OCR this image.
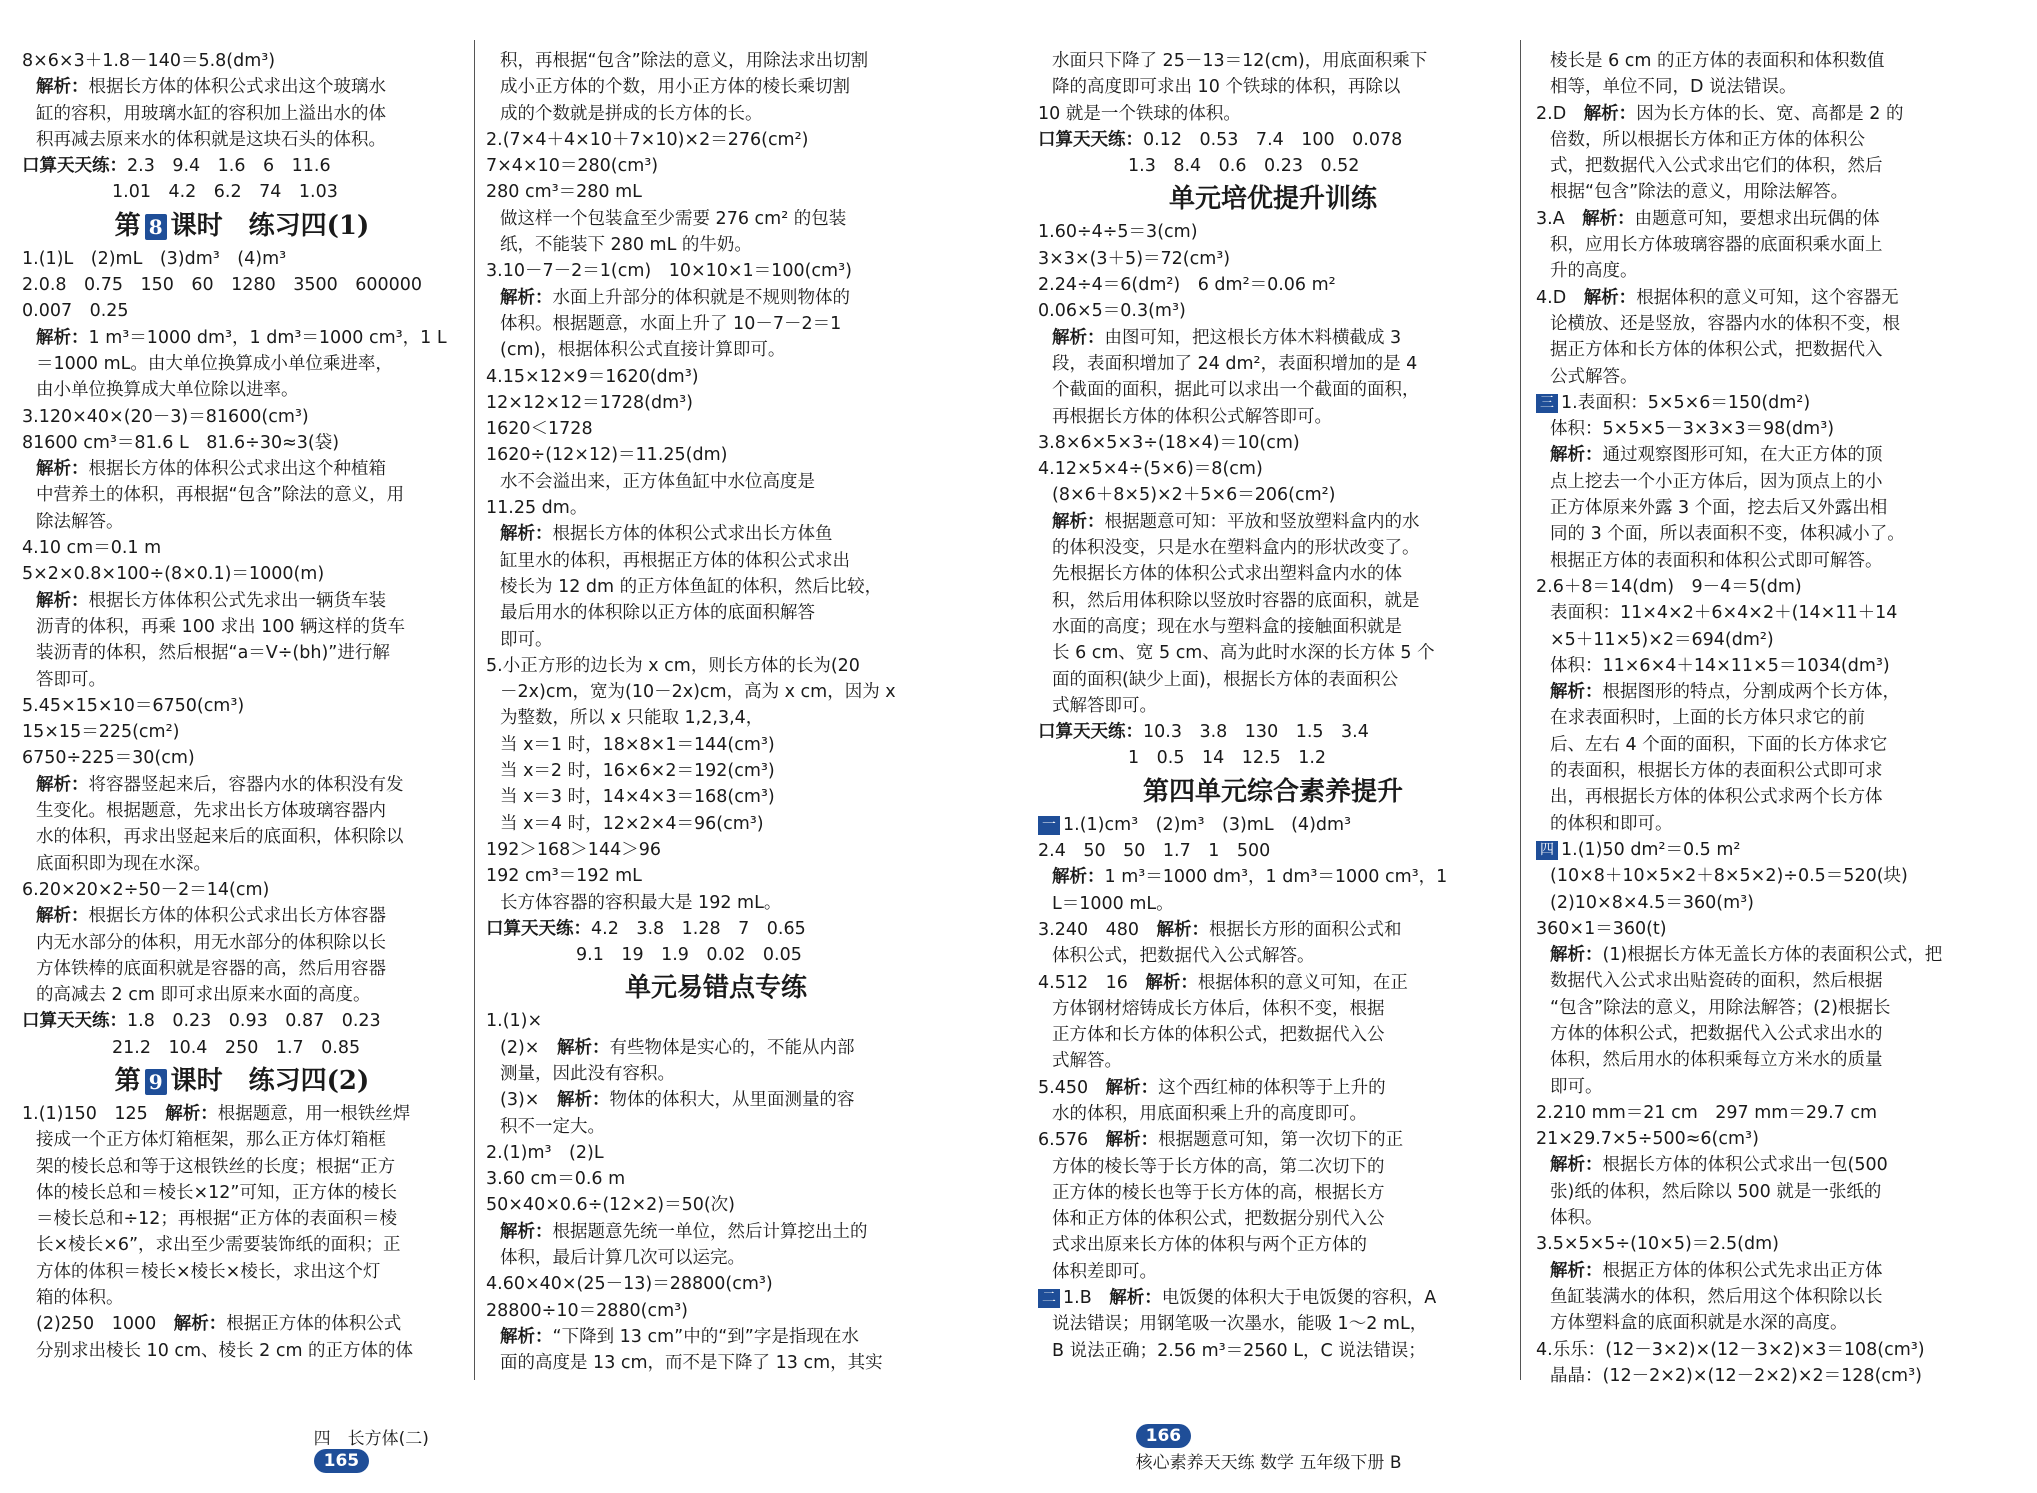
8×6×3＋1.8－140＝5.8(dm³)
解析：根据长方体的体积公式求出这个玻璃水
缸的容积，用玻璃水缸的容积加上溢出水的体
积再减去原来水的体积就是这块石头的体积。
口算天天练：2.3　9.4　1.6　6　11.6
1.01　4.2　6.2　74　1.03
第 8 课时　练习四(1)
1.(1)L　(2)mL　(3)dm³　(4)m³
2.0.8　0.75　150　60　1280　3500　600000
0.007　0.25
解析：1 m³＝1000 dm³，1 dm³＝1000 cm³，1 L
＝1000 mL。由大单位换算成小单位乘进率，
由小单位换算成大单位除以进率。
3.120×40×(20－3)＝81600(cm³)
81600 cm³＝81.6 L　81.6÷30≈3(袋)
解析：根据长方体的体积公式求出这个种植箱
中营养土的体积，再根据“包含”除法的意义，用
除法解答。
4.10 cm＝0.1 m
5×2×0.8×100÷(8×0.1)＝1000(m)
解析：根据长方体体积公式先求出一辆货车装
沥青的体积，再乘 100 求出 100 辆这样的货车
装沥青的体积，然后根据“a＝V÷(bh)”进行解
答即可。
5.45×15×10＝6750(cm³)
15×15＝225(cm²)
6750÷225＝30(cm)
解析：将容器竖起来后，容器内水的体积没有发
生变化。根据题意，先求出长方体玻璃容器内
水的体积，再求出竖起来后的底面积，体积除以
底面积即为现在水深。
6.20×20×2÷50－2＝14(cm)
解析：根据长方体的体积公式求出长方体容器
内无水部分的体积，用无水部分的体积除以长
方体铁棒的底面积就是容器的高，然后用容器
的高减去 2 cm 即可求出原来水面的高度。
口算天天练：1.8　0.23　0.93　0.87　0.23
21.2　10.4　250　1.7　0.85
第 9 课时　练习四(2)
1.(1)150　125　解析：根据题意，用一根铁丝焊
接成一个正方体灯箱框架，那么正方体灯箱框
架的棱长总和等于这根铁丝的长度；根据“正方
体的棱长总和＝棱长×12”可知，正方体的棱长
＝棱长总和÷12；再根据“正方体的表面积＝棱
长×棱长×6”，求出至少需要装饰纸的面积；正
方体的体积＝棱长×棱长×棱长，求出这个灯
箱的体积。
(2)250　1000　解析：根据正方体的体积公式
分别求出棱长 10 cm、棱长 2 cm 的正方体的体
积，再根据“包含”除法的意义，用除法求出切割
成小正方体的个数，用小正方体的棱长乘切割
成的个数就是拼成的长方体的长。
2.(7×4＋4×10＋7×10)×2＝276(cm²)
7×4×10＝280(cm³)
280 cm³＝280 mL
做这样一个包装盒至少需要 276 cm² 的包装
纸，不能装下 280 mL 的牛奶。
3.10－7－2＝1(cm)　10×10×1＝100(cm³)
解析：水面上升部分的体积就是不规则物体的
体积。根据题意，水面上升了 10－7－2＝1
(cm)，根据体积公式直接计算即可。
4.15×12×9＝1620(dm³)
12×12×12＝1728(dm³)
1620＜1728
1620÷(12×12)＝11.25(dm)
水不会溢出来，正方体鱼缸中水位高度是
11.25 dm。
解析：根据长方体的体积公式求出长方体鱼
缸里水的体积，再根据正方体的体积公式求出
棱长为 12 dm 的正方体鱼缸的体积，然后比较，
最后用水的体积除以正方体的底面积解答
即可。
5.小正方形的边长为 x cm，则长方体的长为(20
－2x)cm，宽为(10－2x)cm，高为 x cm，因为 x
为整数，所以 x 只能取 1,2,3,4，
当 x＝1 时，18×8×1＝144(cm³)
当 x＝2 时，16×6×2＝192(cm³)
当 x＝3 时，14×4×3＝168(cm³)
当 x＝4 时，12×2×4＝96(cm³)
192＞168＞144＞96
192 cm³＝192 mL
长方体容器的容积最大是 192 mL。
口算天天练：4.2　3.8　1.28　7　0.65
9.1　19　1.9　0.02　0.05
单元易错点专练
1.(1)×
(2)×　解析：有些物体是实心的，不能从内部
测量，因此没有容积。
(3)×　解析：物体的体积大，从里面测量的容
积不一定大。
2.(1)m³　(2)L
3.60 cm＝0.6 m
50×40×0.6÷(12×2)＝50(次)
解析：根据题意先统一单位，然后计算挖出土的
体积，最后计算几次可以运完。
4.60×40×(25－13)＝28800(cm³)
28800÷10＝2880(cm³)
解析：“下降到 13 cm”中的“到”字是指现在水
面的高度是 13 cm，而不是下降了 13 cm，其实

四　长方体(二)
165

水面只下降了 25－13＝12(cm)，用底面积乘下
降的高度即可求出 10 个铁球的体积，再除以
10 就是一个铁球的体积。
口算天天练：0.12　0.53　7.4　100　0.078
1.3　8.4　0.6　0.23　0.52
单元培优提升训练
1.60÷4÷5＝3(cm)
3×3×(3＋5)＝72(cm³)
2.24÷4＝6(dm²)　6 dm²＝0.06 m²
0.06×5＝0.3(m³)
解析：由图可知，把这根长方体木料横截成 3
段，表面积增加了 24 dm²，表面积增加的是 4
个截面的面积，据此可以求出一个截面的面积，
再根据长方体的体积公式解答即可。
3.8×6×5×3÷(18×4)＝10(cm)
4.12×5×4÷(5×6)＝8(cm)
(8×6＋8×5)×2＋5×6＝206(cm²)
解析：根据题意可知：平放和竖放塑料盒内的水
的体积没变，只是水在塑料盒内的形状改变了。
先根据长方体的体积公式求出塑料盒内水的体
积，然后用体积除以竖放时容器的底面积，就是
水面的高度；现在水与塑料盒的接触面积就是
长 6 cm、宽 5 cm、高为此时水深的长方体 5 个
面的面积(缺少上面)，根据长方体的表面积公
式解答即可。
口算天天练：10.3　3.8　130　1.5　3.4
1　0.5　14　12.5　1.2
第四单元综合素养提升
一 1.(1)cm³　(2)m³　(3)mL　(4)dm³
2.4　50　50　1.7　1　500
解析：1 m³＝1000 dm³，1 dm³＝1000 cm³，1
L＝1000 mL。
3.240　480　解析：根据长方形的面积公式和
体积公式，把数据代入公式解答。
4.512　16　解析：根据体积的意义可知，在正
方体钢材熔铸成长方体后，体积不变，根据
正方体和长方体的体积公式，把数据代入公
式解答。
5.450　解析：这个西红柿的体积等于上升的
水的体积，用底面积乘上升的高度即可。
6.576　解析：根据题意可知，第一次切下的正
方体的棱长等于长方体的高，第二次切下的
正方体的棱长也等于长方体的高，根据长方
体和正方体的体积公式，把数据分别代入公
式求出原来长方体的体积与两个正方体的
体积差即可。
二 1.B　解析：电饭煲的体积大于电饭煲的容积，A
说法错误；用钢笔吸一次墨水，能吸 1～2 mL，
B 说法正确；2.56 m³＝2560 L，C 说法错误；
棱长是 6 cm 的正方体的表面积和体积数值
相等，单位不同，D 说法错误。
2.D　解析：因为长方体的长、宽、高都是 2 的
倍数，所以根据长方体和正方体的体积公
式，把数据代入公式求出它们的体积，然后
根据“包含”除法的意义，用除法解答。
3.A　解析：由题意可知，要想求出玩偶的体
积，应用长方体玻璃容器的底面积乘水面上
升的高度。
4.D　解析：根据体积的意义可知，这个容器无
论横放、还是竖放，容器内水的体积不变，根
据正方体和长方体的体积公式，把数据代入
公式解答。
三 1.表面积：5×5×6＝150(dm²)
体积：5×5×5－3×3×3＝98(dm³)
解析：通过观察图形可知，在大正方体的顶
点上挖去一个小正方体后，因为顶点上的小
正方体原来外露 3 个面，挖去后又外露出相
同的 3 个面，所以表面积不变，体积减小了。
根据正方体的表面积和体积公式即可解答。
2.6＋8＝14(dm)　9－4＝5(dm)
表面积：11×4×2＋6×4×2＋(14×11＋14
×5＋11×5)×2＝694(dm²)
体积：11×6×4＋14×11×5＝1034(dm³)
解析：根据图形的特点，分割成两个长方体，
在求表面积时，上面的长方体只求它的前
后、左右 4 个面的面积，下面的长方体求它
的表面积，根据长方体的表面积公式即可求
出，再根据长方体的体积公式求两个长方体
的体积和即可。
四 1.(1)50 dm²＝0.5 m²
(10×8＋10×5×2＋8×5×2)÷0.5＝520(块)
(2)10×8×4.5＝360(m³)
360×1＝360(t)
解析：(1)根据长方体无盖长方体的表面积公式，把
数据代入公式求出贴瓷砖的面积，然后根据
“包含”除法的意义，用除法解答；(2)根据长
方体的体积公式，把数据代入公式求出水的
体积，然后用水的体积乘每立方米水的质量
即可。
2.210 mm＝21 cm　297 mm＝29.7 cm
21×29.7×5÷500≈6(cm³)
解析：根据长方体的体积公式求出一包(500
张)纸的体积，然后除以 500 就是一张纸的
体积。
3.5×5×5÷(10×5)＝2.5(dm)
解析：根据正方体的体积公式先求出正方体
鱼缸装满水的体积，然后用这个体积除以长
方体塑料盒的底面积就是水深的高度。
4.乐乐：(12－3×2)×(12－3×2)×3＝108(cm³)
晶晶：(12－2×2)×(12－2×2)×2＝128(cm³)

166
核心素养天天练 数学 五年级下册 B
